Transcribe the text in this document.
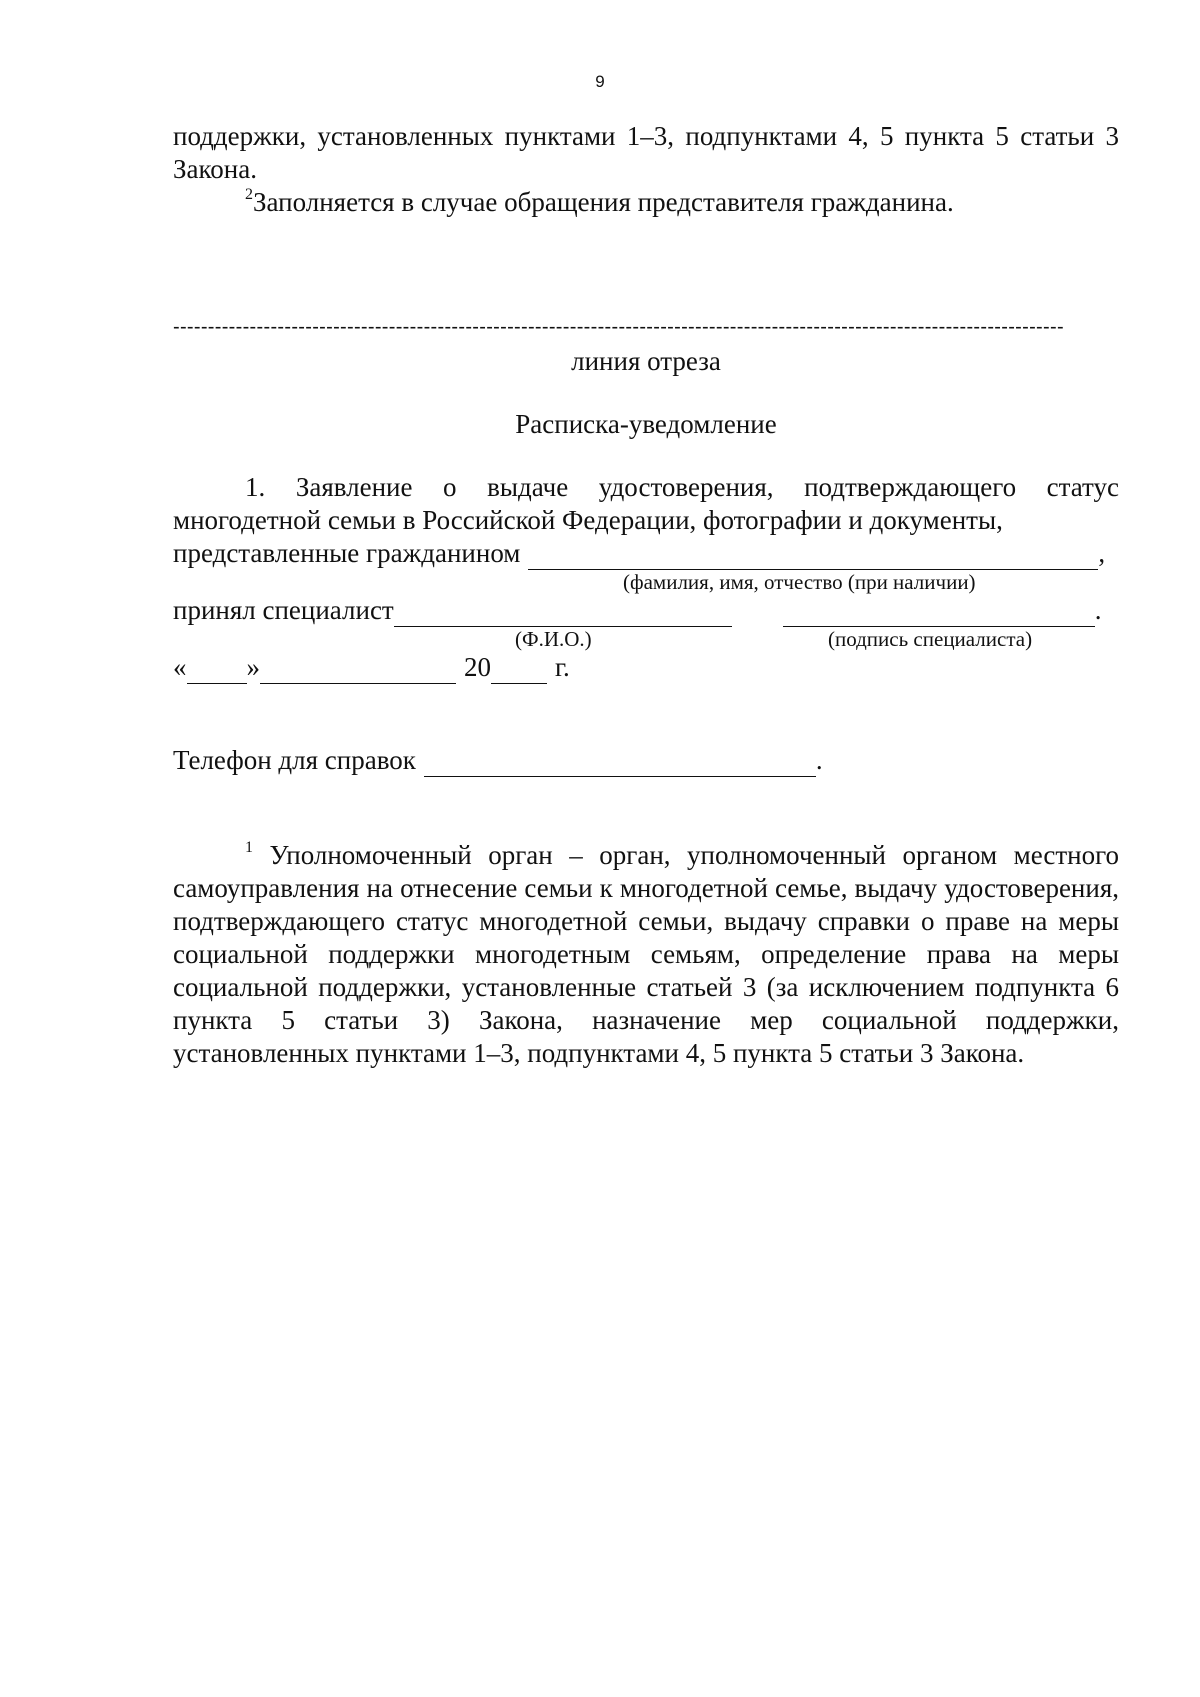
9

поддержки, установленных пунктами 1–3, подпунктами 4, 5 пункта 5 статьи 3 Закона.

$^2$Заполняется в случае обращения представителя гражданина.

--------------------------------------------------------------------------------------------------------------------------------

линия отреза

Расписка-уведомление

1. Заявление о выдаче удостоверения, подтверждающего статус многодетной семьи в Российской Федерации, фотографии и документы,

представленные гражданином	,
(фамилия, имя, отчество (при наличии)
принял специалист	.
(Ф.И.О.)	(подпись специалиста)
« »	20 г.
Телефон для справок	.

$^1$ Уполномоченный орган – орган, уполномоченный органом местного самоуправления на отнесение семьи к многодетной семье, выдачу удостоверения, подтверждающего статус многодетной семьи, выдачу справки о праве на меры социальной поддержки многодетным семьям, определение права на меры социальной поддержки, установленные статьей 3 (за исключением подпункта 6 пункта 5 статьи 3) Закона, назначение мер социальной поддержки, установленных пунктами 1–3, подпунктами 4, 5 пункта 5 статьи 3 Закона.
